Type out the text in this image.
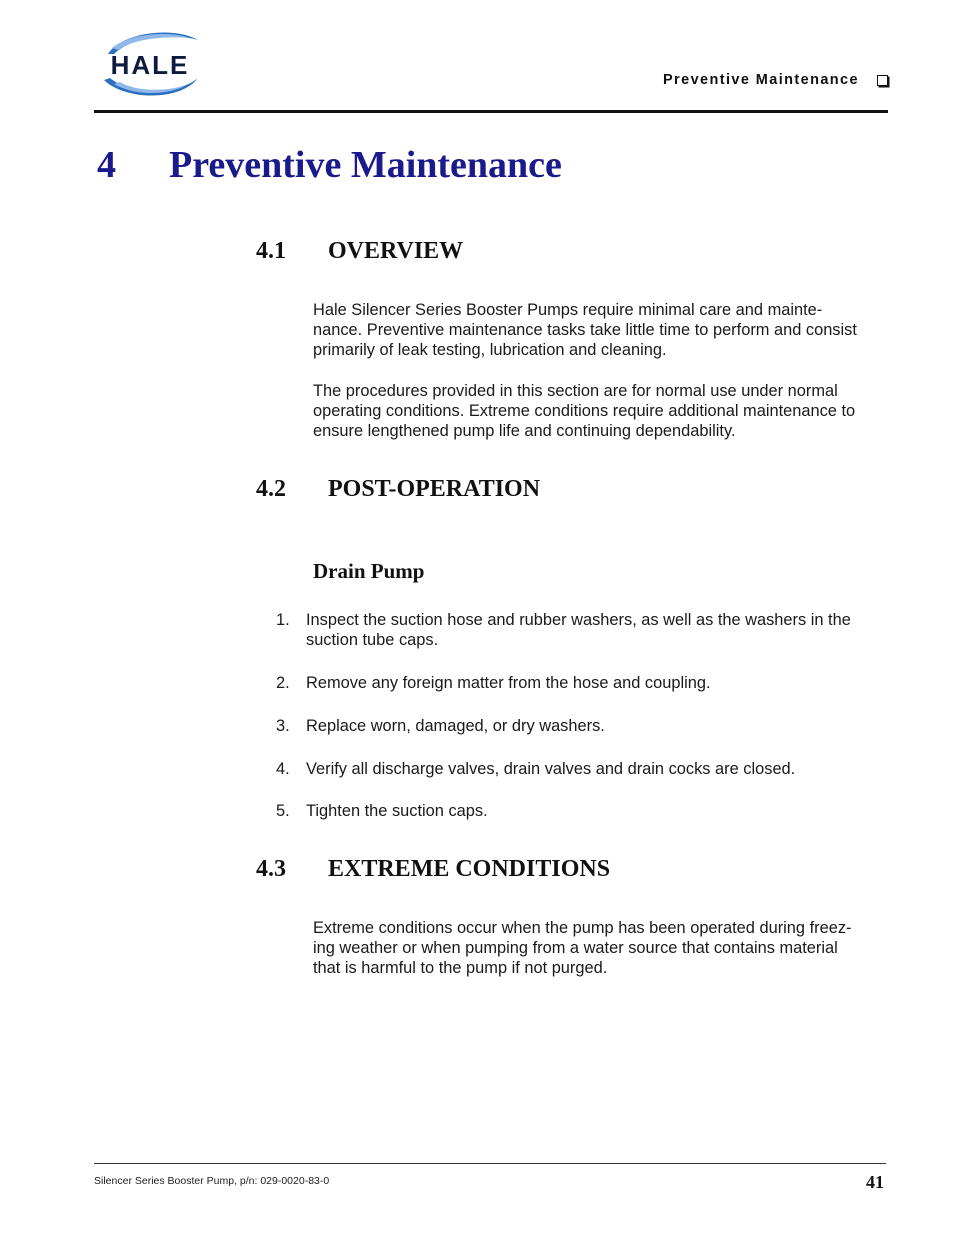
HALE	Preventive Maintenance
4	Preventive Maintenance
4.1	OVERVIEW
Hale Silencer Series Booster Pumps require minimal care and mainte-
nance. Preventive maintenance tasks take little time to perform and consist
primarily of leak testing, lubrication and cleaning.
The procedures provided in this section are for normal use under normal
operating conditions. Extreme conditions require additional maintenance to
ensure lengthened pump life and continuing dependability.
4.2	POST-OPERATION
Drain Pump
1. Inspect the suction hose and rubber washers, as well as the washers in the
suction tube caps.
2. Remove any foreign matter from the hose and coupling.
3. Replace worn, damaged, or dry washers.
4. Verify all discharge valves, drain valves and drain cocks are closed.
5. Tighten the suction caps.
4.3	EXTREME CONDITIONS
Extreme conditions occur when the pump has been operated during freez-
ing weather or when pumping from a water source that contains material
that is harmful to the pump if not purged.
Silencer Series Booster Pump, p/n: 029-0020-83-0	41
